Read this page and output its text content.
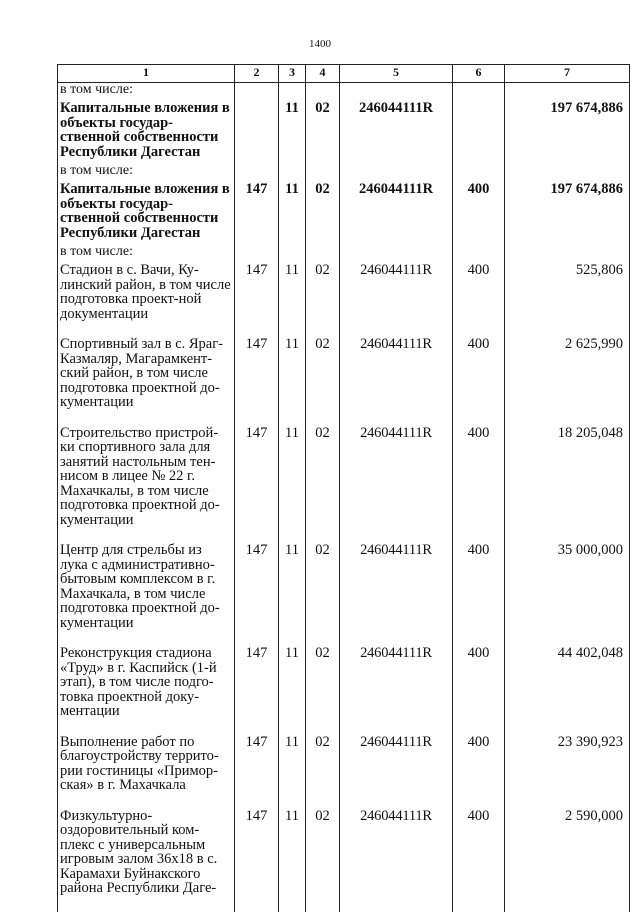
1400
1	2	3	4	5	6	7
в том числе:						
Капитальные вложения в объекты государ-ственной собственности Республики Дагестан		11	02	246044111R		197 674,886
в том числе:						
Капитальные вложения в объекты государ-ственной собственности Республики Дагестан	147	11	02	246044111R	400	197 674,886
в том числе:						
Стадион в с. Вачи, Ку-линский район, в том числе подготовка проект-ной документации	147	11	02	246044111R	400	525,806
Спортивный зал в с. Яраг-Казмаляр, Магарамкент-ский район, в том числе подготовка проектной до-кументации	147	11	02	246044111R	400	2 625,990
Строительство пристрой-ки спортивного зала для занятий настольным тен-нисом в лицее № 22 г. Махачкалы, в том числе подготовка проектной до-кументации	147	11	02	246044111R	400	18 205,048
Центр для стрельбы из лука с административно-бытовым комплексом в г. Махачкала, в том числе подготовка проектной до-кументации	147	11	02	246044111R	400	35 000,000
Реконструкция стадиона «Труд» в г. Каспийск (1-й этап), в том числе подго-товка проектной доку-ментации	147	11	02	246044111R	400	44 402,048
Выполнение работ по благоустройству террито-рии гостиницы «Примор-ская» в г. Махачкала	147	11	02	246044111R	400	23 390,923
Физкультурно-оздоровительный ком-плекс с универсальным игровым залом 36x18 в с. Карамахи Буйнакского района Республики Даге-	147	11	02	246044111R	400	2 590,000
